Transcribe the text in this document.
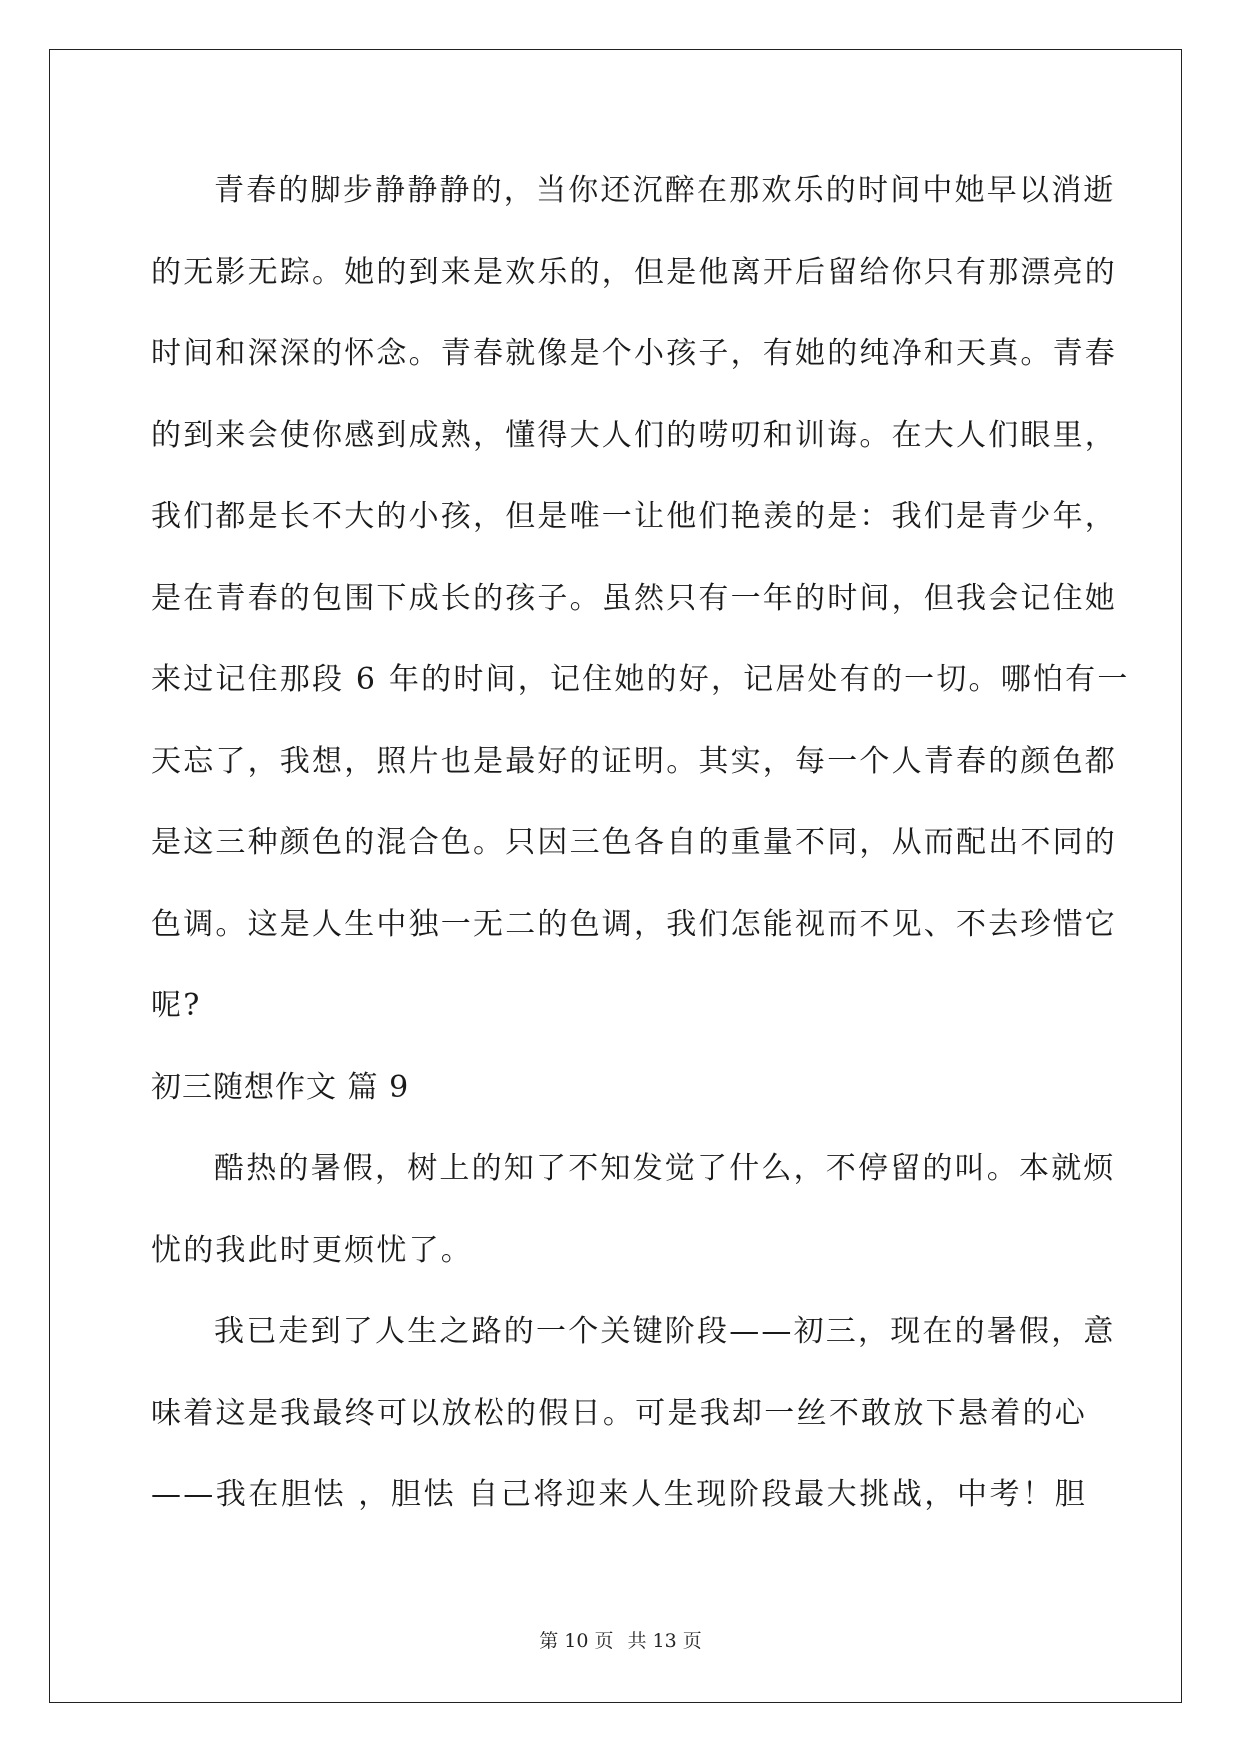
青春的脚步静静静的，当你还沉醉在那欢乐的时间中她早以消逝
的无影无踪。她的到来是欢乐的，但是他离开后留给你只有那漂亮的
时间和深深的怀念。青春就像是个小孩子，有她的纯净和天真。青春
的到来会使你感到成熟，懂得大人们的唠叨和训诲。在大人们眼里，
我们都是长不大的小孩，但是唯一让他们艳羡的是：我们是青少年，
是在青春的包围下成长的孩子。虽然只有一年的时间，但我会记住她
来过记住那段 6 年的时间，记住她的好，记居处有的一切。哪怕有一
天忘了，我想，照片也是最好的证明。其实，每一个人青春的颜色都
是这三种颜色的混合色。只因三色各自的重量不同，从而配出不同的
色调。这是人生中独一无二的色调，我们怎能视而不见、不去珍惜它
呢?
初三随想作文 篇 9
酷热的暑假，树上的知了不知发觉了什么，不停留的叫。本就烦
忧的我此时更烦忧了。
我已走到了人生之路的一个关键阶段——初三，现在的暑假，意
味着这是我最终可以放松的假日。可是我却一丝不敢放下悬着的心
——我在胆怯 ，胆怯 自己将迎来人生现阶段最大挑战，中考！胆
第 10 页 共 13 页
